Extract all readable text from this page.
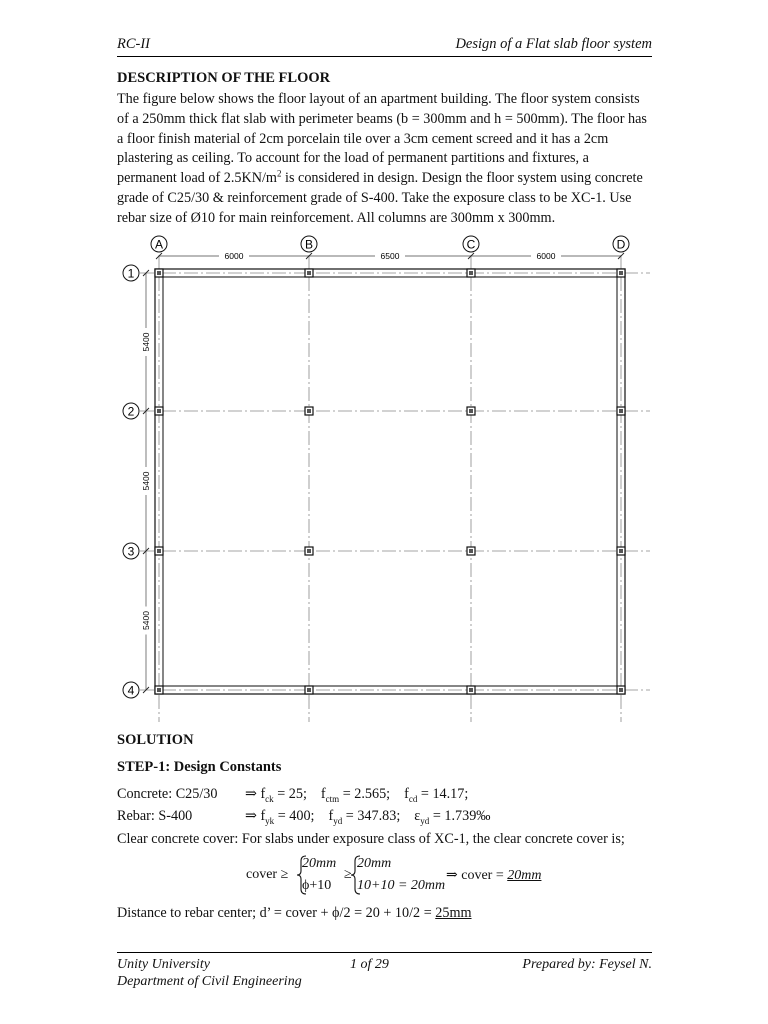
RC-II	Design of a Flat slab floor system
DESCRIPTION OF THE FLOOR
The figure below shows the floor layout of an apartment building. The floor system consists of a 250mm thick flat slab with perimeter beams (b = 300mm and h = 500mm). The floor has a floor finish material of 2cm porcelain tile over a 3cm cement screed and it has a 2cm plastering as ceiling. To account for the load of permanent partitions and fixtures, a permanent load of $2.5KN/m^2$ is considered in design. Design the floor system using concrete grade of C25/30 & reinforcement grade of S-400. Take the exposure class to be XC-1. Use rebar size of Ø10 for main reinforcement. All columns are 300mm x 300mm.
A	B	C	D
1
2
3
4
6000	6500	6000
5400
5400
5400
SOLUTION
STEP-1: Design Constants
Concrete: C25/30 ⇒ $f_{ck} = 25$; $f_{ctm} = 2.565$; $f_{cd} = 14.17$;
Rebar: S-400	⇒ $f_{yk} = 400$; $f_{yd} = 347.83$; $\varepsilon_{yd}$ = 1.739‰
Clear concrete cover: For slabs under exposure class of XC-1, the clear concrete cover is;
cover ≥
20mm
ϕ+10
≥
20mm
10+10 = 20mm
⇒ cover = 20mm
Distance to rebar center; d’ = cover + ϕ/2 = 20 + 10/2 = 25mm
Unity University
Department of Civil Engineering
1 of 29	Prepared by: Feysel N.
